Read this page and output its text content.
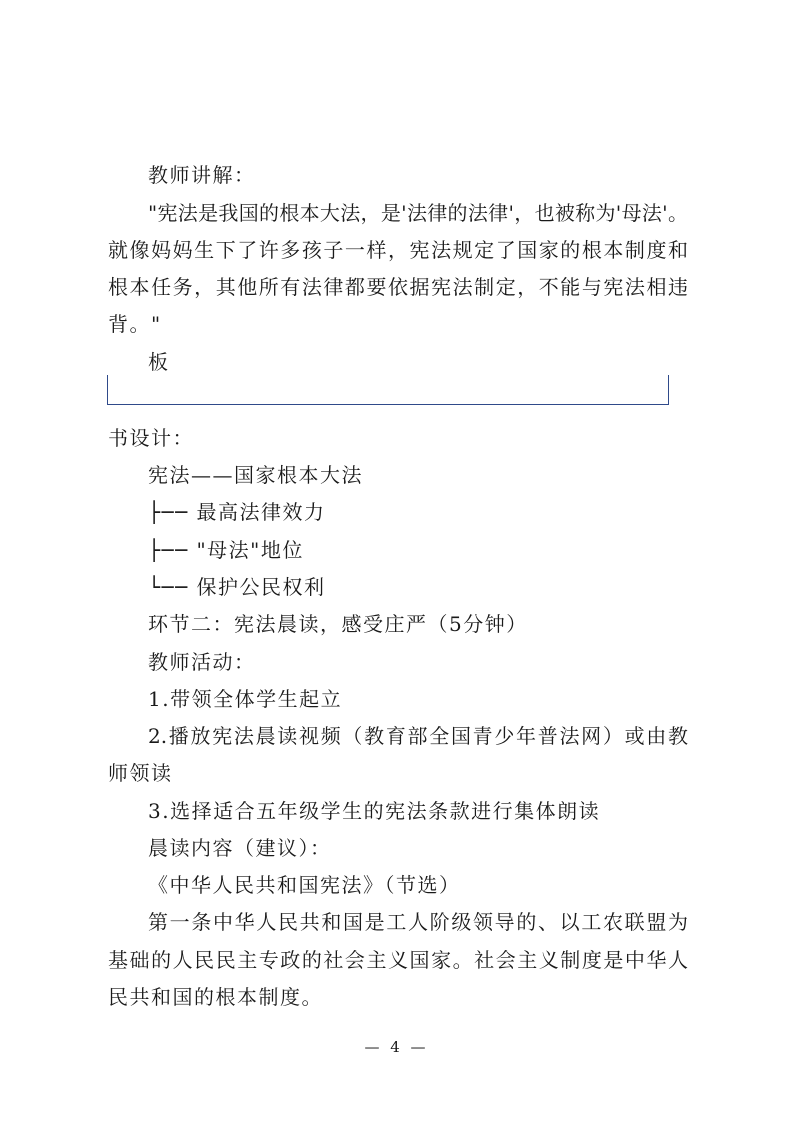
教师讲解：
"宪法是我国的根本大法，是'法律的法律'，也被称为'母法'。
就像妈妈生下了许多孩子一样，宪法规定了国家的根本制度和
根本任务，其他所有法律都要依据宪法制定，不能与宪法相违
背。"
板
书设计：
宪法——国家根本大法
├── 最高法律效力
├── "母法"地位
└── 保护公民权利
环节二：宪法晨读，感受庄严（5分钟）
教师活动：
1.带领全体学生起立
2.播放宪法晨读视频（教育部全国青少年普法网）或由教
师领读
3.选择适合五年级学生的宪法条款进行集体朗读
晨读内容（建议）：
《中华人民共和国宪法》（节选）
第一条中华人民共和国是工人阶级领导的、以工农联盟为
基础的人民民主专政的社会主义国家。社会主义制度是中华人
民共和国的根本制度。
— 4 —
